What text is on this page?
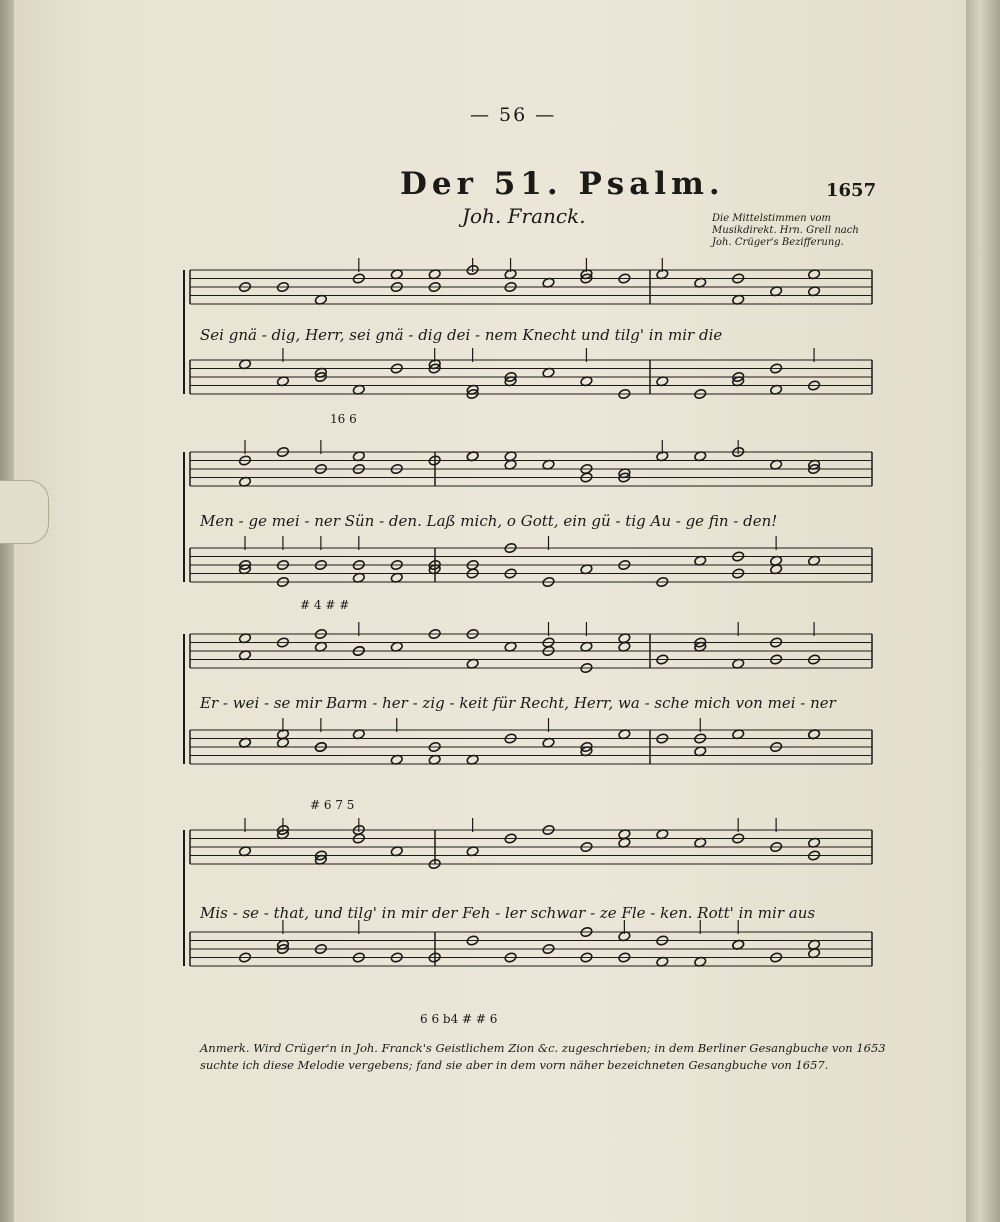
— 56 —
Der 51. Psalm.	1657
Joh. Franck.	Die Mittelstimmen vom Musikdirekt. Hrn. Grell nach Joh. Crüger's Bezifferung.
Sei gnä - dig, Herr, sei gnä - dig dei - nem Knecht und tilg' in mir die
16 6
Men - ge mei - ner Sün - den. Laß mich, o Gott, ein gü - tig Au - ge fin - den!
# 4 # #
Er - wei - se mir Barm - her - zig - keit für Recht, Herr, wa - sche mich von mei - ner
# 6 7 5
Mis - se - that, und tilg' in mir der Feh - ler schwar - ze Fle - ken. Rott' in mir aus
6 6 b4 # # 6
Anmerk. Wird Crüger'n in Joh. Franck's Geistlichem Zion &c. zugeschrieben; in dem Berliner Gesangbuche von 1653 suchte ich diese Melodie vergebens; fand sie aber in dem vorn näher bezeichneten Gesangbuche von 1657.
